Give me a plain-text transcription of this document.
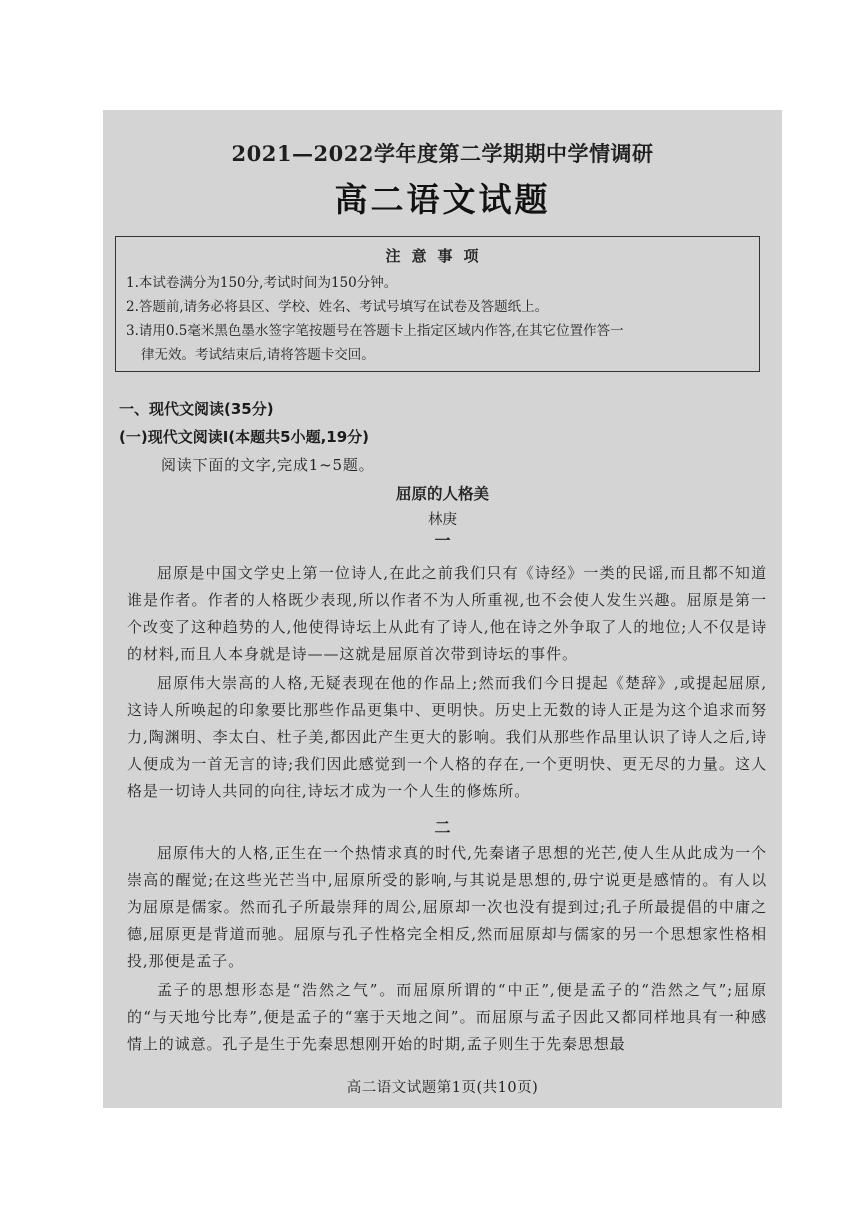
2021—2022学年度第二学期期中学情调研
高二语文试题
注意事项
1.本试卷满分为150分,考试时间为150分钟。
2.答题前,请务必将县区、学校、姓名、考试号填写在试卷及答题纸上。
3.请用0.5毫米黑色墨水签字笔按题号在答题卡上指定区域内作答,在其它位置作答一
律无效。考试结束后,请将答题卡交回。
一、现代文阅读(35分)
(一)现代文阅读I(本题共5小题,19分)
阅读下面的文字,完成1~5题。
屈原的人格美
林庚
一

屈原是中国文学史上第一位诗人,在此之前我们只有《诗经》一类的民谣,而且都不知道谁是作者。作者的人格既少表现,所以作者不为人所重视,也不会使人发生兴趣。屈原是第一个改变了这种趋势的人,他使得诗坛上从此有了诗人,他在诗之外争取了人的地位;人不仅是诗的材料,而且人本身就是诗——这就是屈原首次带到诗坛的事件。

屈原伟大崇高的人格,无疑表现在他的作品上;然而我们今日提起《楚辞》,或提起屈原,这诗人所唤起的印象要比那些作品更集中、更明快。历史上无数的诗人正是为这个追求而努力,陶渊明、李太白、杜子美,都因此产生更大的影响。我们从那些作品里认识了诗人之后,诗人便成为一首无言的诗;我们因此感觉到一个人格的存在,一个更明快、更无尽的力量。这人格是一切诗人共同的向往,诗坛才成为一个人生的修炼所。

二

屈原伟大的人格,正生在一个热情求真的时代,先秦诸子思想的光芒,使人生从此成为一个崇高的醒觉;在这些光芒当中,屈原所受的影响,与其说是思想的,毋宁说更是感情的。有人以为屈原是儒家。然而孔子所最崇拜的周公,屈原却一次也没有提到过;孔子所最提倡的中庸之德,屈原更是背道而驰。屈原与孔子性格完全相反,然而屈原却与儒家的另一个思想家性格相投,那便是孟子。

孟子的思想形态是“浩然之气”。而屈原所谓的“中正”,便是孟子的“浩然之气”;屈原的“与天地兮比寿”,便是孟子的“塞于天地之间”。而屈原与孟子因此又都同样地具有一种感情上的诚意。孔子是生于先秦思想刚开始的时期,孟子则生于先秦思想最

高二语文试题第1页(共10页)
